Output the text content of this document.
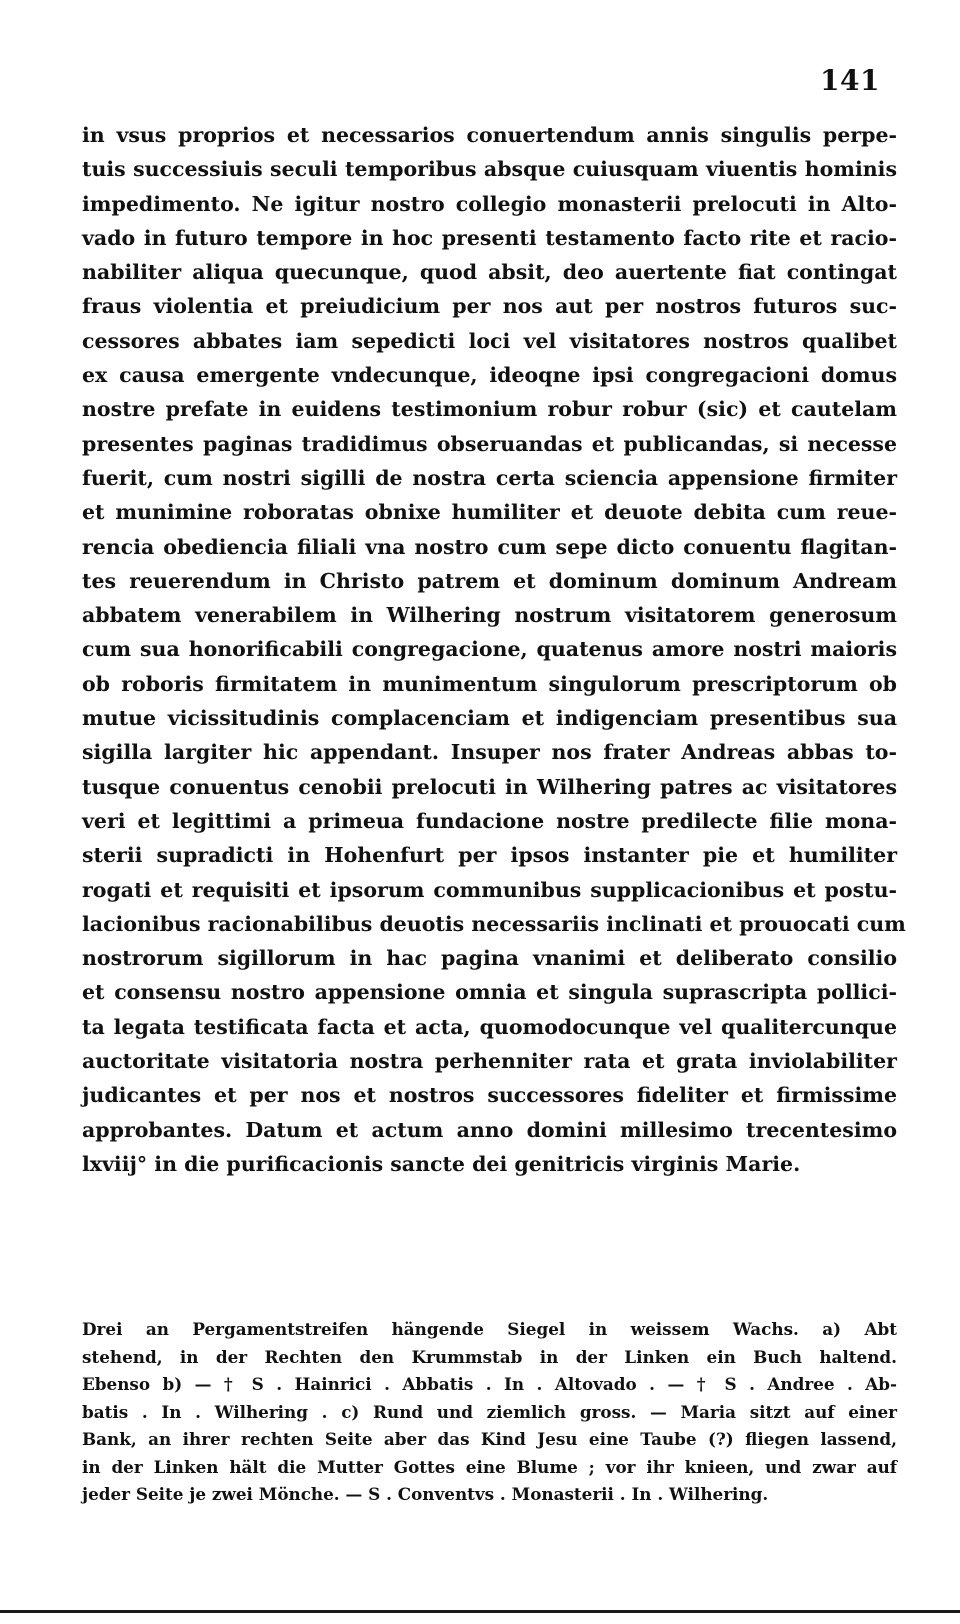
141
in vsus proprios et necessarios conuertendum annis singulis perpe-
tuis successiuis seculi temporibus absque cuiusquam viuentis hominis
impedimento. Ne igitur nostro collegio monasterii prelocuti in Alto-
vado in futuro tempore in hoc presenti testamento facto rite et racio-
nabiliter aliqua quecunque, quod absit, deo auertente fiat contingat
fraus violentia et preiudicium per nos aut per nostros futuros suc-
cessores abbates iam sepedicti loci vel visitatores nostros qualibet
ex causa emergente vndecunque, ideoqne ipsi congregacioni domus
nostre prefate in euidens testimonium robur robur (sic) et cautelam
presentes paginas tradidimus obseruandas et publicandas, si necesse
fuerit, cum nostri sigilli de nostra certa sciencia appensione firmiter
et munimine roboratas obnixe humiliter et deuote debita cum reue-
rencia obediencia filiali vna nostro cum sepe dicto conuentu flagitan-
tes reuerendum in Christo patrem et dominum dominum Andream
abbatem venerabilem in Wilhering nostrum visitatorem generosum
cum sua honorificabili congregacione, quatenus amore nostri maioris
ob roboris firmitatem in munimentum singulorum prescriptorum ob
mutue vicissitudinis complacenciam et indigenciam presentibus sua
sigilla largiter hic appendant. Insuper nos frater Andreas abbas to-
tusque conuentus cenobii prelocuti in Wilhering patres ac visitatores
veri et legittimi a primeua fundacione nostre predilecte filie mona-
sterii supradicti in Hohenfurt per ipsos instanter pie et humiliter
rogati et requisiti et ipsorum communibus supplicacionibus et postu-
lacionibus racionabilibus deuotis necessariis inclinati et prouocati cum
nostrorum sigillorum in hac pagina vnanimi et deliberato consilio
et consensu nostro appensione omnia et singula suprascripta pollici-
ta legata testificata facta et acta, quomodocunque vel qualitercunque
auctoritate visitatoria nostra perhenniter rata et grata inviolabiliter
judicantes et per nos et nostros successores fideliter et firmissime
approbantes. Datum et actum anno domini millesimo trecentesimo
lxviij° in die purificacionis sancte dei genitricis virginis Marie.
Drei an Pergamentstreifen hängende Siegel in weissem Wachs. a) Abt
stehend, in der Rechten den Krummstab in der Linken ein Buch haltend.
Ebenso b) — † S . Hainrici . Abbatis . In . Altovado . — † S . Andree . Ab-
batis . In . Wilhering . c) Rund und ziemlich gross. — Maria sitzt auf einer
Bank, an ihrer rechten Seite aber das Kind Jesu eine Taube (?) fliegen lassend,
in der Linken hält die Mutter Gottes eine Blume ; vor ihr knieen, und zwar auf
jeder Seite je zwei Mönche. — S . Conventvs . Monasterii . In . Wilhering.
